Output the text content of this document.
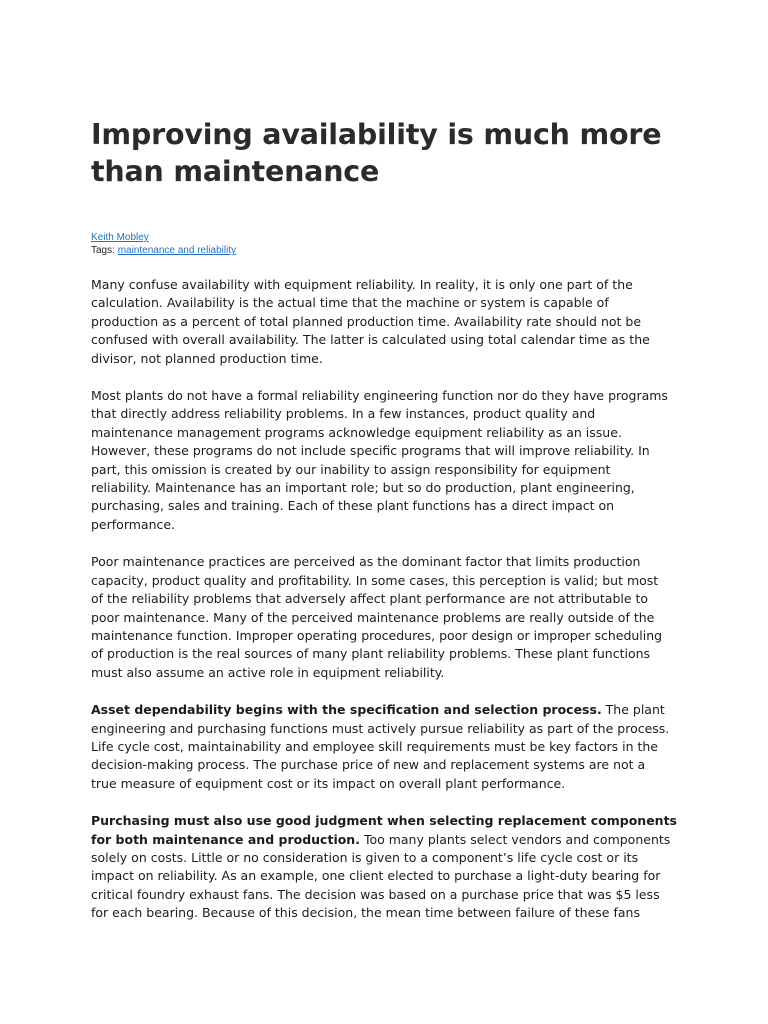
Improving availability is much more than maintenance
Keith Mobley
Tags: maintenance and reliability

Many confuse availability with equipment reliability. In reality, it is only one part of the
calculation. Availability is the actual time that the machine or system is capable of
production as a percent of total planned production time. Availability rate should not be
confused with overall availability. The latter is calculated using total calendar time as the
divisor, not planned production time.

Most plants do not have a formal reliability engineering function nor do they have programs
that directly address reliability problems. In a few instances, product quality and
maintenance management programs acknowledge equipment reliability as an issue.
However, these programs do not include specific programs that will improve reliability. In
part, this omission is created by our inability to assign responsibility for equipment
reliability. Maintenance has an important role; but so do production, plant engineering,
purchasing, sales and training. Each of these plant functions has a direct impact on
performance.

Poor maintenance practices are perceived as the dominant factor that limits production
capacity, product quality and profitability. In some cases, this perception is valid; but most
of the reliability problems that adversely affect plant performance are not attributable to
poor maintenance. Many of the perceived maintenance problems are really outside of the
maintenance function. Improper operating procedures, poor design or improper scheduling
of production is the real sources of many plant reliability problems. These plant functions
must also assume an active role in equipment reliability.

Asset dependability begins with the specification and selection process. The plant
engineering and purchasing functions must actively pursue reliability as part of the process.
Life cycle cost, maintainability and employee skill requirements must be key factors in the
decision-making process. The purchase price of new and replacement systems are not a
true measure of equipment cost or its impact on overall plant performance.

Purchasing must also use good judgment when selecting replacement components
for both maintenance and production. Too many plants select vendors and components
solely on costs. Little or no consideration is given to a component’s life cycle cost or its
impact on reliability. As an example, one client elected to purchase a light-duty bearing for
critical foundry exhaust fans. The decision was based on a purchase price that was $5 less
for each bearing. Because of this decision, the mean time between failure of these fans
